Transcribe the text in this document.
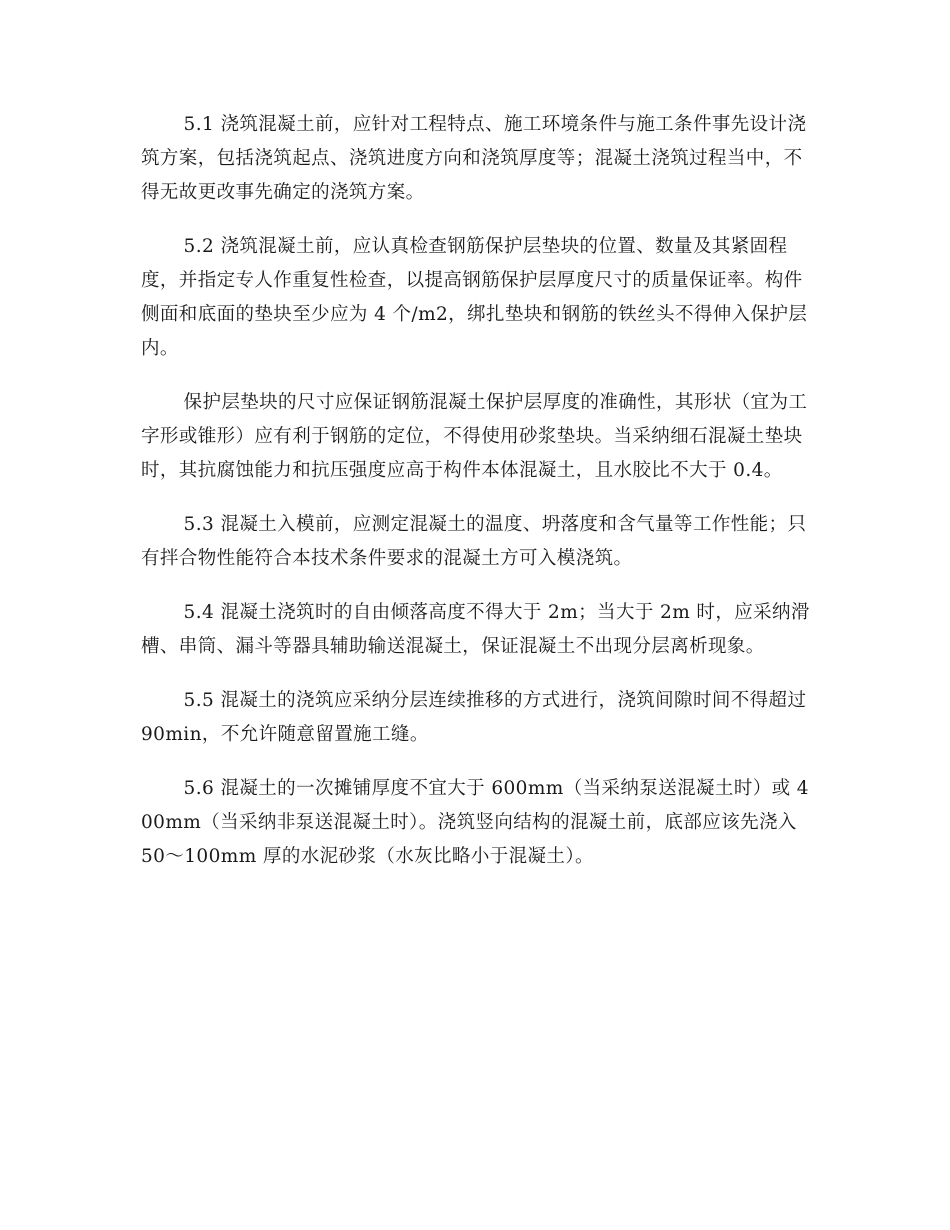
5.1 浇筑混凝土前，应针对工程特点、施工环境条件与施工条件事先设计浇筑方案，包括浇筑起点、浇筑进度方向和浇筑厚度等；混凝土浇筑过程当中，不得无故更改事先确定的浇筑方案。

5.2 浇筑混凝土前，应认真检查钢筋保护层垫块的位置、数量及其紧固程度，并指定专人作重复性检查，以提高钢筋保护层厚度尺寸的质量保证率。构件侧面和底面的垫块至少应为 4 个/m2，绑扎垫块和钢筋的铁丝头不得伸入保护层内。

保护层垫块的尺寸应保证钢筋混凝土保护层厚度的准确性，其形状（宜为工字形或锥形）应有利于钢筋的定位，不得使用砂浆垫块。当采纳细石混凝土垫块时，其抗腐蚀能力和抗压强度应高于构件本体混凝土，且水胶比不大于 0.4。

5.3 混凝土入模前，应测定混凝土的温度、坍落度和含气量等工作性能；只有拌合物性能符合本技术条件要求的混凝土方可入模浇筑。

5.4 混凝土浇筑时的自由倾落高度不得大于 2m；当大于 2m 时，应采纳滑槽、串筒、漏斗等器具辅助输送混凝土，保证混凝土不出现分层离析现象。

5.5 混凝土的浇筑应采纳分层连续推移的方式进行，浇筑间隙时间不得超过 90min，不允许随意留置施工缝。

5.6 混凝土的一次摊铺厚度不宜大于 600mm（当采纳泵送混凝土时）或 400mm（当采纳非泵送混凝土时）。浇筑竖向结构的混凝土前，底部应该先浇入 50～100mm 厚的水泥砂浆（水灰比略小于混凝土）。
